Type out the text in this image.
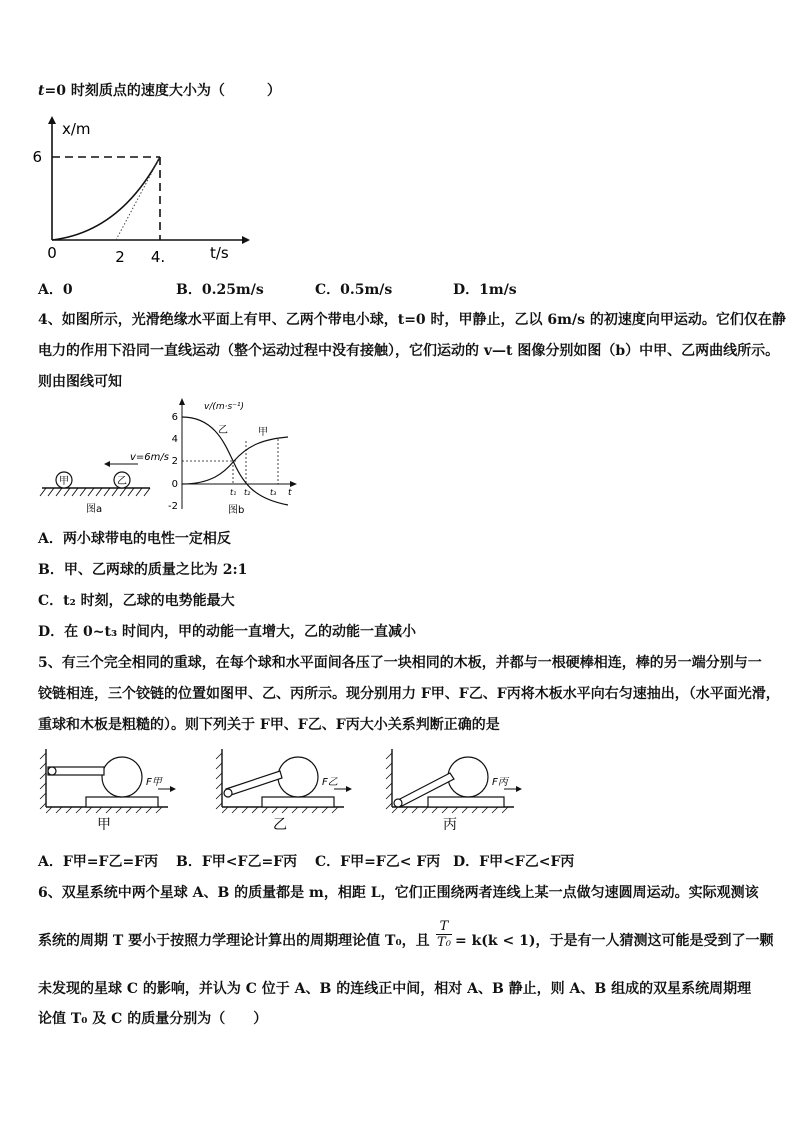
t=0 时刻质点的速度大小为（　　　）
x/m
6
0	2 4.	t/s
A．0	B．0.25m/s	C．0.5m/s	D．1m/s
4、如图所示，光滑绝缘水平面上有甲、乙两个带电小球，t=0 时，甲静止，乙以 6m/s 的初速度向甲运动。它们仅在静
电力的作用下沿同一直线运动（整个运动过程中没有接触），它们运动的 v—t 图像分别如图（b）中甲、乙两曲线所示。
则由图线可知
甲	乙
v=6m/s
图a
6
4
2
0
-2
v/(m·s⁻¹)
乙	甲
t₁ t₂ t₃ t
图b
A．两小球带电的电性一定相反
B．甲、乙两球的质量之比为 2:1
C．t₂ 时刻，乙球的电势能最大
D．在 0~t₃ 时间内，甲的动能一直增大，乙的动能一直减小
5、有三个完全相同的重球，在每个球和水平面间各压了一块相同的木板，并都与一根硬棒相连，棒的另一端分别与一
铰链相连，三个铰链的位置如图甲、乙、丙所示。现分别用力 F甲、F乙、F丙将木板水平向右匀速抽出，（水平面光滑，
重球和木板是粗糙的）。则下列关于 F甲、F乙、F丙大小关系判断正确的是
F甲
甲
F乙
乙
F丙
丙
A．F甲=F乙=F丙 B．F甲<F乙=F丙 C．F甲=F乙< F丙 D．F甲<F乙<F丙
6、双星系统中两个星球 A、B 的质量都是 m，相距 L，它们正围绕两者连线上某一点做匀速圆周运动。实际观测该
系统的周期 T 要小于按照力学理论计算出的周期理论值 T₀，且 $\frac{T}{\text{T₀}} = k(k < 1)$，于是有一人猜测这可能是受到了一颗
未发现的星球 C 的影响，并认为 C 位于 A、B 的连线正中间，相对 A、B 静止，则 A、B 组成的双星系统周期理
论值 T₀ 及 C 的质量分别为（　　）
